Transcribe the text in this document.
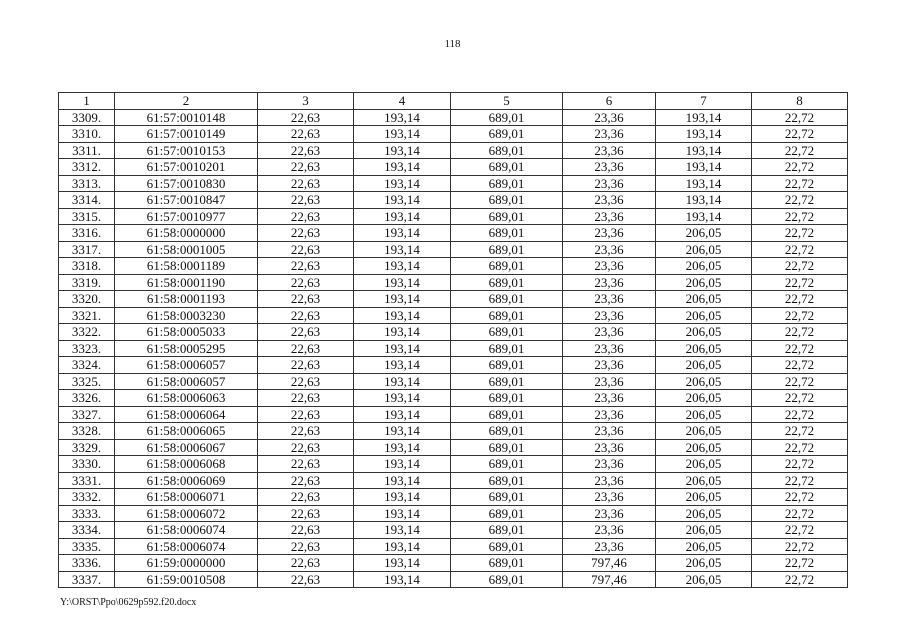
118
1	2	3	4	5	6	7	8
3309.	61:57:0010148	22,63	193,14	689,01	23,36	193,14	22,72
3310.	61:57:0010149	22,63	193,14	689,01	23,36	193,14	22,72
3311.	61:57:0010153	22,63	193,14	689,01	23,36	193,14	22,72
3312.	61:57:0010201	22,63	193,14	689,01	23,36	193,14	22,72
3313.	61:57:0010830	22,63	193,14	689,01	23,36	193,14	22,72
3314.	61:57:0010847	22,63	193,14	689,01	23,36	193,14	22,72
3315.	61:57:0010977	22,63	193,14	689,01	23,36	193,14	22,72
3316.	61:58:0000000	22,63	193,14	689,01	23,36	206,05	22,72
3317.	61:58:0001005	22,63	193,14	689,01	23,36	206,05	22,72
3318.	61:58:0001189	22,63	193,14	689,01	23,36	206,05	22,72
3319.	61:58:0001190	22,63	193,14	689,01	23,36	206,05	22,72
3320.	61:58:0001193	22,63	193,14	689,01	23,36	206,05	22,72
3321.	61:58:0003230	22,63	193,14	689,01	23,36	206,05	22,72
3322.	61:58:0005033	22,63	193,14	689,01	23,36	206,05	22,72
3323.	61:58:0005295	22,63	193,14	689,01	23,36	206,05	22,72
3324.	61:58:0006057	22,63	193,14	689,01	23,36	206,05	22,72
3325.	61:58:0006057	22,63	193,14	689,01	23,36	206,05	22,72
3326.	61:58:0006063	22,63	193,14	689,01	23,36	206,05	22,72
3327.	61:58:0006064	22,63	193,14	689,01	23,36	206,05	22,72
3328.	61:58:0006065	22,63	193,14	689,01	23,36	206,05	22,72
3329.	61:58:0006067	22,63	193,14	689,01	23,36	206,05	22,72
3330.	61:58:0006068	22,63	193,14	689,01	23,36	206,05	22,72
3331.	61:58:0006069	22,63	193,14	689,01	23,36	206,05	22,72
3332.	61:58:0006071	22,63	193,14	689,01	23,36	206,05	22,72
3333.	61:58:0006072	22,63	193,14	689,01	23,36	206,05	22,72
3334.	61:58:0006074	22,63	193,14	689,01	23,36	206,05	22,72
3335.	61:58:0006074	22,63	193,14	689,01	23,36	206,05	22,72
3336.	61:59:0000000	22,63	193,14	689,01	797,46	206,05	22,72
3337.	61:59:0010508	22,63	193,14	689,01	797,46	206,05	22,72
Y:\ORST\Ppo\0629p592.f20.docx
